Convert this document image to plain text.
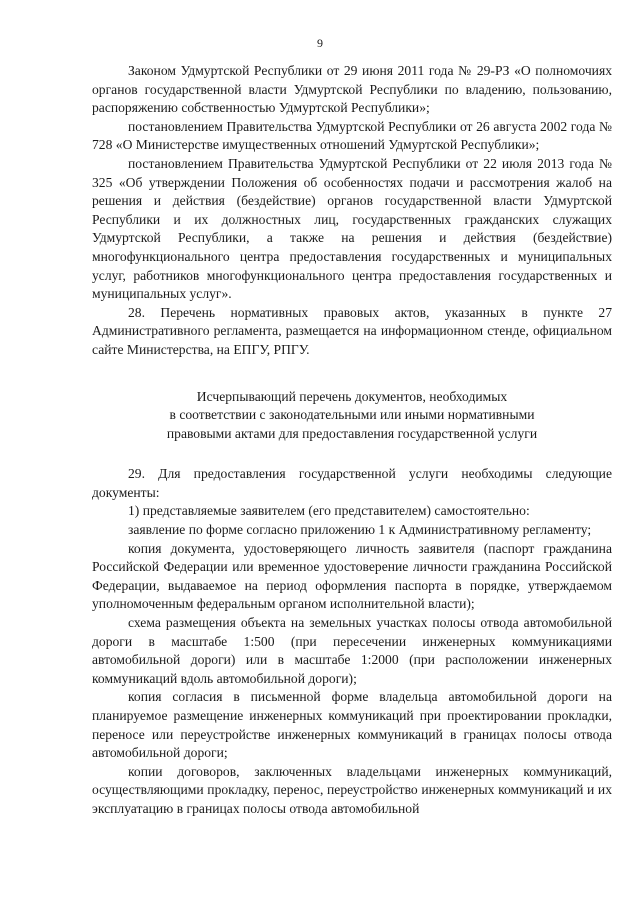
9

Законом Удмуртской Республики от 29 июня 2011 года № 29-РЗ «О полномочиях органов государственной власти Удмуртской Республики по владению, пользованию, распоряжению собственностью Удмуртской Республики»;

постановлением Правительства Удмуртской Республики от 26 августа 2002 года № 728 «О Министерстве имущественных отношений Удмуртской Республики»;

постановлением Правительства Удмуртской Республики от 22 июля 2013 года № 325 «Об утверждении Положения об особенностях подачи и рассмотрения жалоб на решения и действия (бездействие) органов государственной власти Удмуртской Республики и их должностных лиц, государственных гражданских служащих Удмуртской Республики, а также на решения и действия (бездействие) многофункционального центра предоставления государственных и муниципальных услуг, работников многофункционального центра предоставления государственных и муниципальных услуг».

28. Перечень нормативных правовых актов, указанных в пункте 27 Административного регламента, размещается на информационном стенде, официальном сайте Министерства, на ЕПГУ, РПГУ.

Исчерпывающий перечень документов, необходимых
в соответствии с законодательными или иными нормативными
правовыми актами для предоставления государственной услуги

29. Для предоставления государственной услуги необходимы следующие документы:

1) представляемые заявителем (его представителем) самостоятельно:

заявление по форме согласно приложению 1 к Административному регламенту;

копия документа, удостоверяющего личность заявителя (паспорт гражданина Российской Федерации или временное удостоверение личности гражданина Российской Федерации, выдаваемое на период оформления паспорта в порядке, утверждаемом уполномоченным федеральным органом исполнительной власти);

схема размещения объекта на земельных участках полосы отвода автомобильной дороги в масштабе 1:500 (при пересечении инженерных коммуникациями автомобильной дороги) или в масштабе 1:2000 (при расположении инженерных коммуникаций вдоль автомобильной дороги);

копия согласия в письменной форме владельца автомобильной дороги на планируемое размещение инженерных коммуникаций при проектировании прокладки, переносе или переустройстве инженерных коммуникаций в границах полосы отвода автомобильной дороги;

копии договоров, заключенных владельцами инженерных коммуникаций, осуществляющими прокладку, перенос, переустройство инженерных коммуникаций и их эксплуатацию в границах полосы отвода автомобильной
